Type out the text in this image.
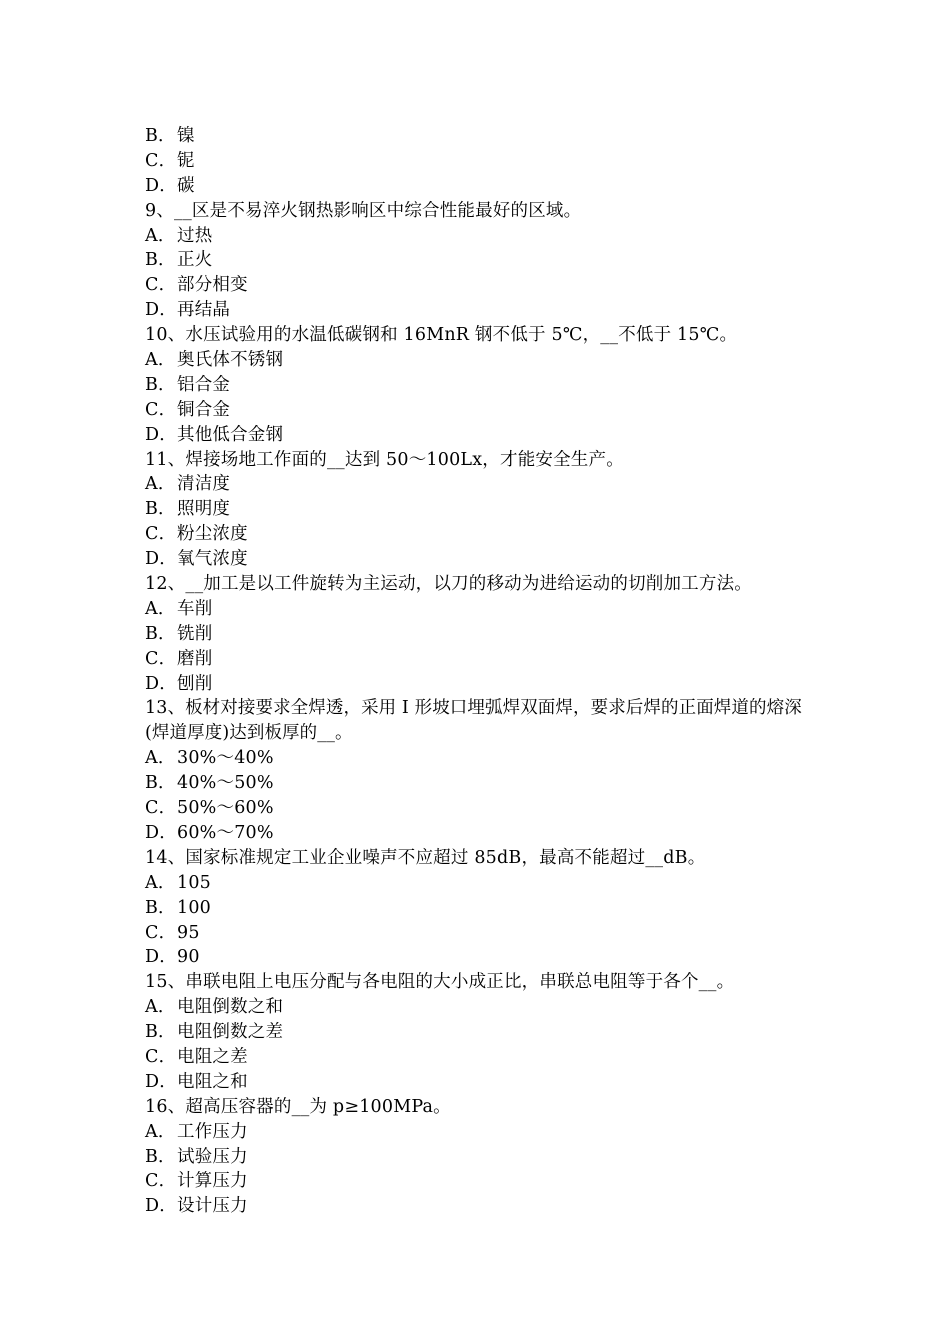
B．镍
C．铌
D．碳
9、__区是不易淬火钢热影响区中综合性能最好的区域。
A．过热
B．正火
C．部分相变
D．再结晶
10、水压试验用的水温低碳钢和 16MnR 钢不低于 5℃，__不低于 15℃。
A．奥氏体不锈钢
B．铝合金
C．铜合金
D．其他低合金钢
11、焊接场地工作面的__达到 50～100Lx，才能安全生产。
A．清洁度
B．照明度
C．粉尘浓度
D．氧气浓度
12、__加工是以工件旋转为主运动，以刀的移动为进给运动的切削加工方法。
A．车削
B．铣削
C．磨削
D．刨削
13、板材对接要求全焊透，采用 I 形坡口埋弧焊双面焊，要求后焊的正面焊道的熔深(焊道厚度)达到板厚的__。
A．30%～40%
B．40%～50%
C．50%～60%
D．60%～70%
14、国家标准规定工业企业噪声不应超过 85dB，最高不能超过__dB。
A．105
B．100
C．95
D．90
15、串联电阻上电压分配与各电阻的大小成正比，串联总电阻等于各个__。
A．电阻倒数之和
B．电阻倒数之差
C．电阻之差
D．电阻之和
16、超高压容器的__为 p≥100MPa。
A．工作压力
B．试验压力
C．计算压力
D．设计压力
